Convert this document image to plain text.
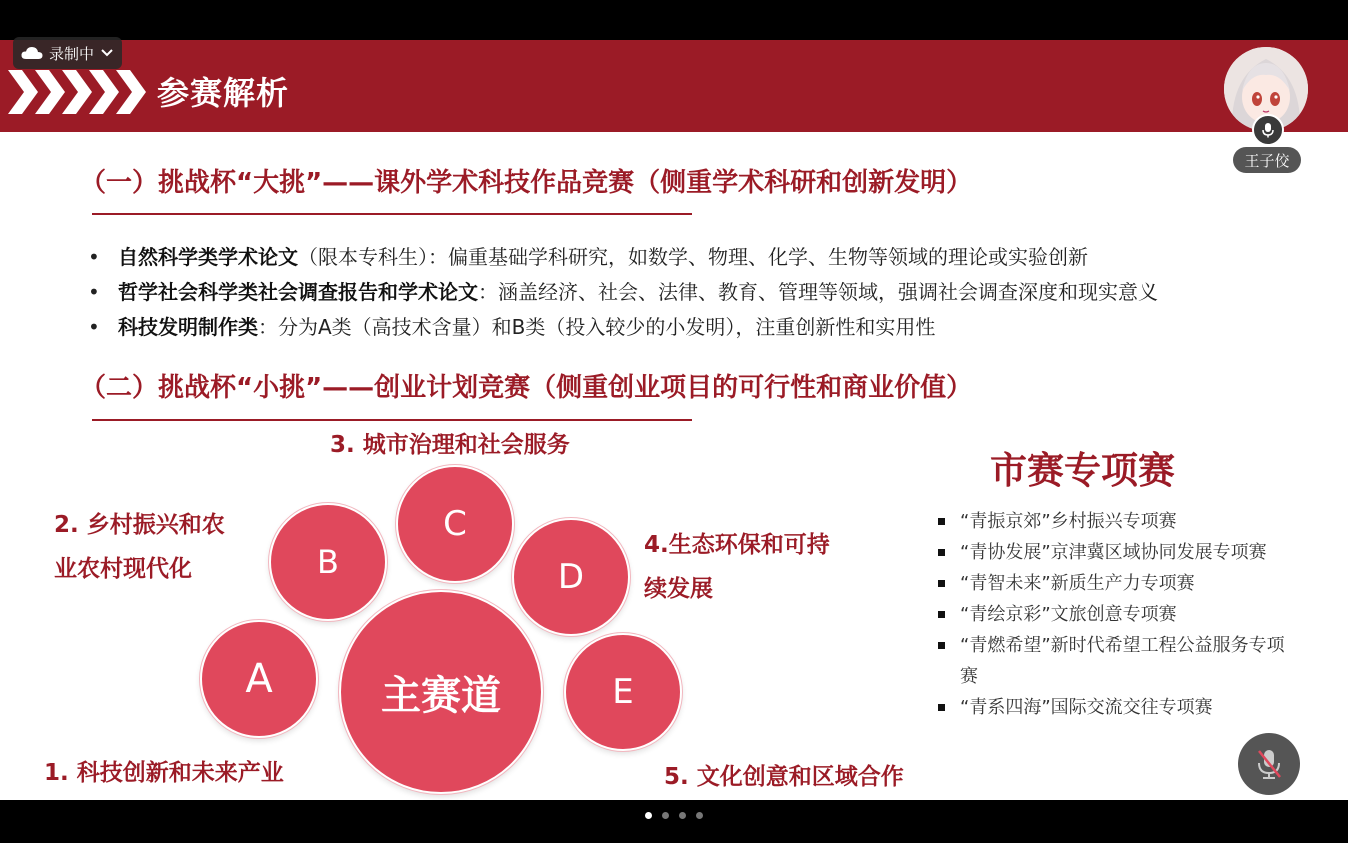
参赛解析
（一）挑战杯“大挑”——课外学术科技作品竞赛（侧重学术科研和创新发明）
• 自然科学类学术论文（限本专科生）：偏重基础学科研究，如数学、物理、化学、生物等领域的理论或实验创新
• 哲学社会科学类社会调查报告和学术论文：涵盖经济、社会、法律、教育、管理等领域，强调社会调查深度和现实意义
• 科技发明制作类：分为A类（高技术含量）和B类（投入较少的小发明），注重创新性和实用性
（二）挑战杯“小挑”——创业计划竞赛（侧重创业项目的可行性和商业价值）
3. 城市治理和社会服务
2. 乡村振兴和农
业农村现代化
4.生态环保和可持
续发展
1. 科技创新和未来产业	5. 文化创意和区域合作
A
B
C
D
E
主赛道
市赛专项赛
“青振京郊”乡村振兴专项赛
“青协发展”京津冀区域协同发展专项赛
“青智未来”新质生产力专项赛
“青绘京彩”文旅创意专项赛
“青燃希望”新时代希望工程公益服务专项赛
“青系四海”国际交流交往专项赛
录制中
王子佼
